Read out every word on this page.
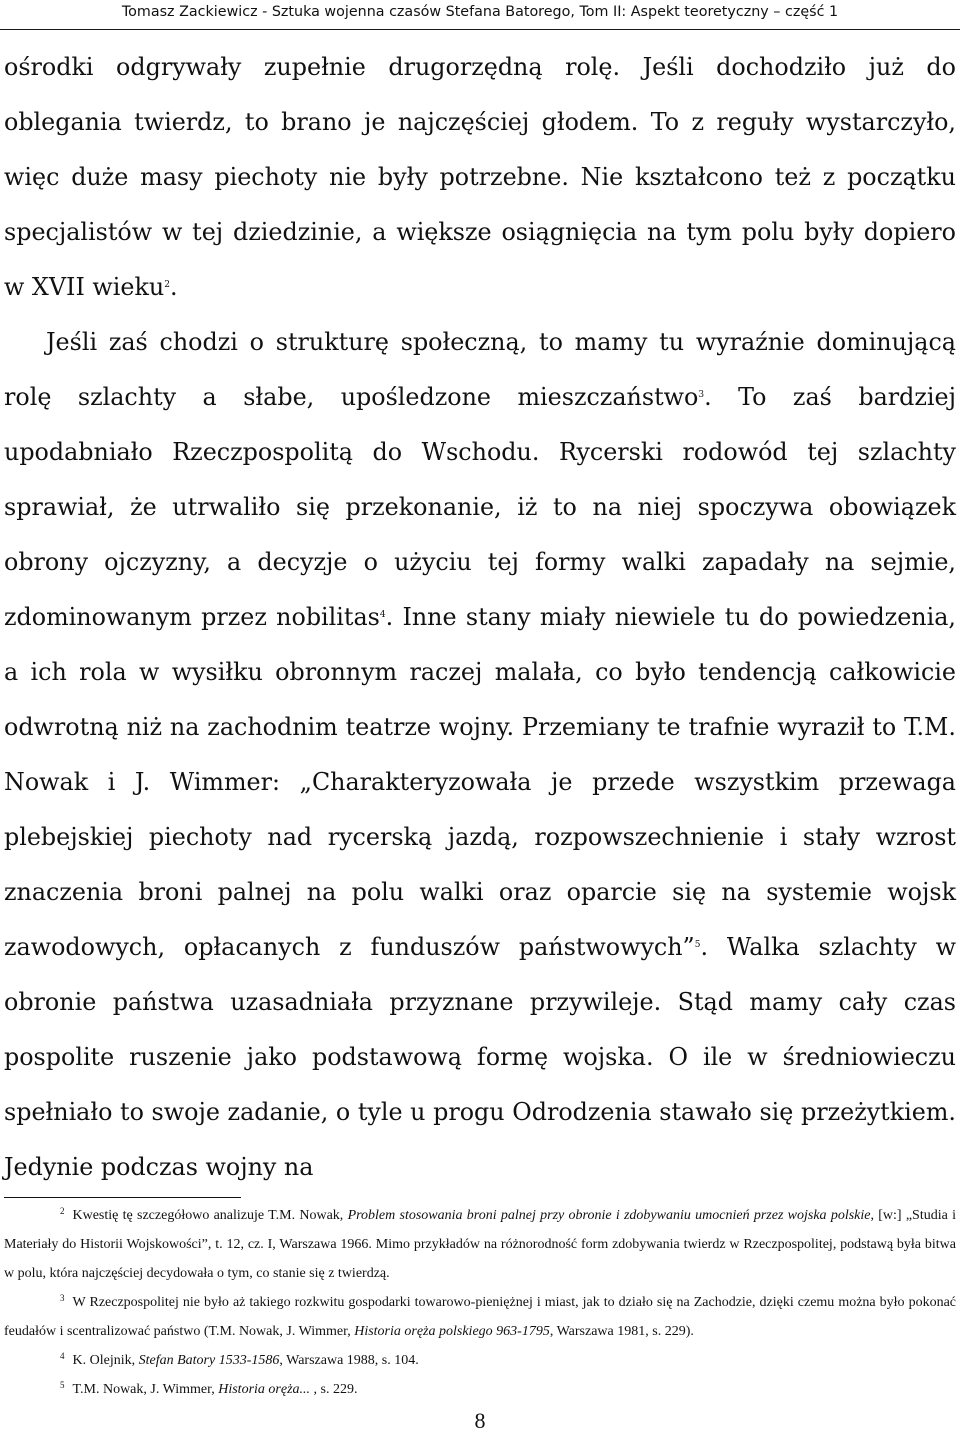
Tomasz Zackiewicz - Sztuka wojenna czasów Stefana Batorego, Tom II: Aspekt teoretyczny – część 1

ośrodki odgrywały zupełnie drugorzędną rolę. Jeśli dochodziło już do oblegania twierdz, to brano je najczęściej głodem. To z reguły wystarczyło, więc duże masy piechoty nie były potrzebne. Nie kształcono też z początku specjalistów w tej dziedzinie, a większe osiągnięcia na tym polu były dopiero w XVII wieku$^2$.

Jeśli zaś chodzi o strukturę społeczną, to mamy tu wyraźnie dominującą rolę szlachty a słabe, upośledzone mieszczaństwo$^3$. To zaś bardziej upodabniało Rzeczpospolitą do Wschodu. Rycerski rodowód tej szlachty sprawiał, że utrwaliło się przekonanie, iż to na niej spoczywa obowiązek obrony ojczyzny, a decyzje o użyciu tej formy walki zapadały na sejmie, zdominowanym przez nobilitas$^4$. Inne stany miały niewiele tu do powiedzenia, a ich rola w wysiłku obronnym raczej malała, co było tendencją całkowicie odwrotną niż na zachodnim teatrze wojny. Przemiany te trafnie wyraził to T.M. Nowak i J. Wimmer: „Charakteryzowała je przede wszystkim przewaga plebejskiej piechoty nad rycerską jazdą, rozpowszechnienie i stały wzrost znaczenia broni palnej na polu walki oraz oparcie się na systemie wojsk zawodowych, opłacanych z funduszów państwowych”$^5$. Walka szlachty w obronie państwa uzasadniała przyznane przywileje. Stąd mamy cały czas pospolite ruszenie jako podstawową formę wojska. O ile w średniowieczu spełniało to swoje zadanie, o tyle u progu Odrodzenia stawało się przeżytkiem. Jedynie podczas wojny na

$^2$ Kwestię tę szczegółowo analizuje T.M. Nowak, Problem stosowania broni palnej przy obronie i zdobywaniu umocnień przez wojska polskie, [w:] „Studia i Materiały do Historii Wojskowości”, t. 12, cz. I, Warszawa 1966. Mimo przykładów na różnorodność form zdobywania twierdz w Rzeczpospolitej, podstawą była bitwa w polu, która najczęściej decydowała o tym, co stanie się z twierdzą.

$^3$ W Rzeczpospolitej nie było aż takiego rozkwitu gospodarki towarowo-pieniężnej i miast, jak to działo się na Zachodzie, dzięki czemu można było pokonać feudałów i scentralizować państwo (T.M. Nowak, J. Wimmer, Historia oręża polskiego 963-1795, Warszawa 1981, s. 229).

$^4$ K. Olejnik, Stefan Batory 1533-1586, Warszawa 1988, s. 104.

$^5$ T.M. Nowak, J. Wimmer, Historia oręża... , s. 229.

8
